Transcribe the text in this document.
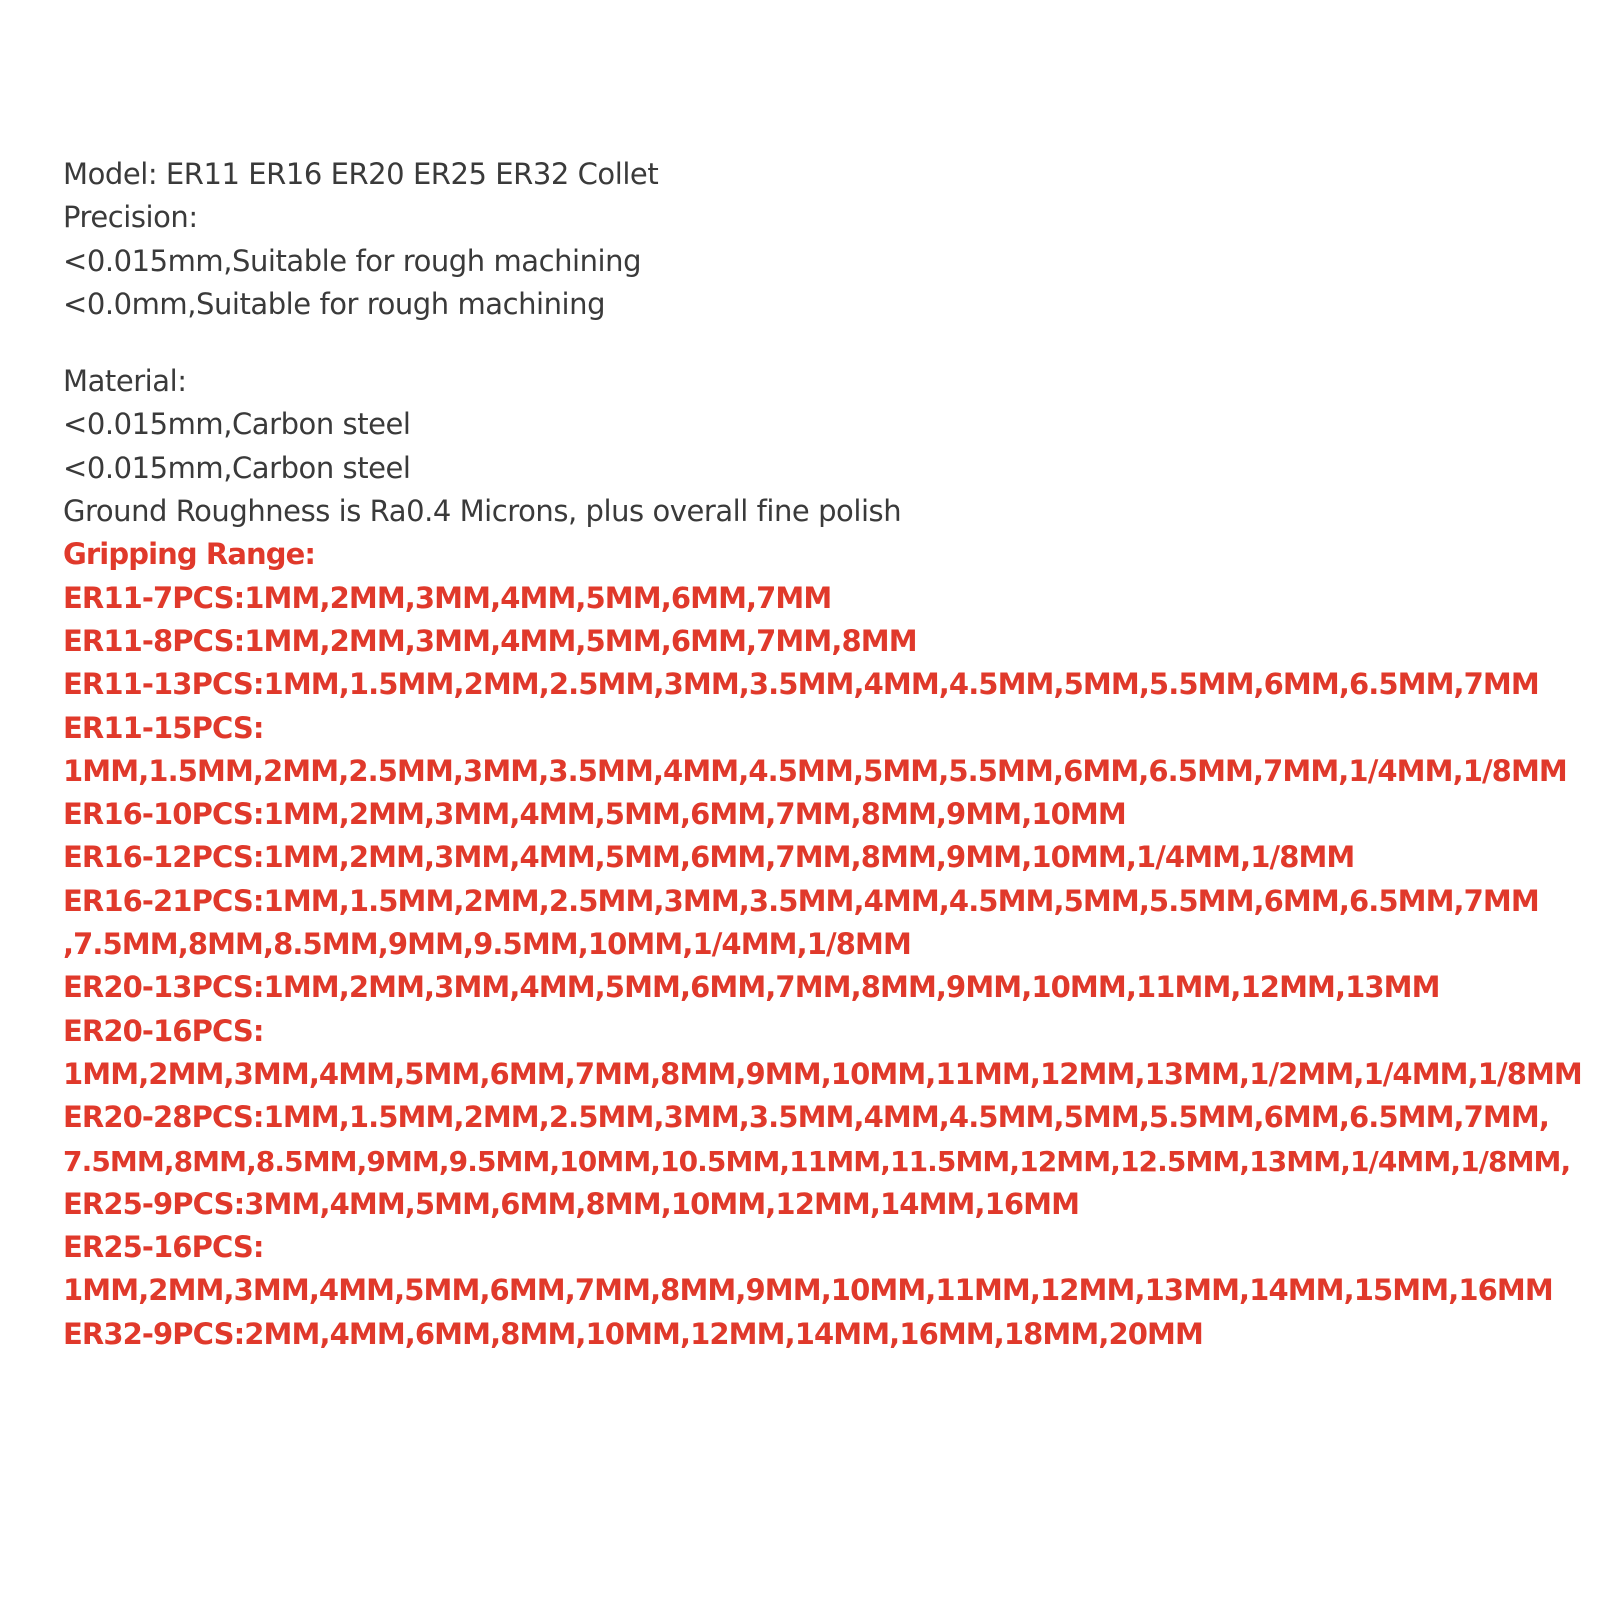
Model: ER11 ER16 ER20 ER25 ER32 Collet
Precision:
<0.015mm,Suitable for rough machining
<0.0mm,Suitable for rough machining
Material:
<0.015mm,Carbon steel
<0.015mm,Carbon steel
Ground Roughness is Ra0.4 Microns, plus overall fine polish
Gripping Range:
ER11-7PCS:1MM,2MM,3MM,4MM,5MM,6MM,7MM
ER11-8PCS:1MM,2MM,3MM,4MM,5MM,6MM,7MM,8MM
ER11-13PCS:1MM,1.5MM,2MM,2.5MM,3MM,3.5MM,4MM,4.5MM,5MM,5.5MM,6MM,6.5MM,7MM
ER11-15PCS:
1MM,1.5MM,2MM,2.5MM,3MM,3.5MM,4MM,4.5MM,5MM,5.5MM,6MM,6.5MM,7MM,1/4MM,1/8MM
ER16-10PCS:1MM,2MM,3MM,4MM,5MM,6MM,7MM,8MM,9MM,10MM
ER16-12PCS:1MM,2MM,3MM,4MM,5MM,6MM,7MM,8MM,9MM,10MM,1/4MM,1/8MM
ER16-21PCS:1MM,1.5MM,2MM,2.5MM,3MM,3.5MM,4MM,4.5MM,5MM,5.5MM,6MM,6.5MM,7MM
,7.5MM,8MM,8.5MM,9MM,9.5MM,10MM,1/4MM,1/8MM
ER20-13PCS:1MM,2MM,3MM,4MM,5MM,6MM,7MM,8MM,9MM,10MM,11MM,12MM,13MM
ER20-16PCS:
1MM,2MM,3MM,4MM,5MM,6MM,7MM,8MM,9MM,10MM,11MM,12MM,13MM,1/2MM,1/4MM,1/8MM
ER20-28PCS:1MM,1.5MM,2MM,2.5MM,3MM,3.5MM,4MM,4.5MM,5MM,5.5MM,6MM,6.5MM,7MM,
7.5MM,8MM,8.5MM,9MM,9.5MM,10MM,10.5MM,11MM,11.5MM,12MM,12.5MM,13MM,1/4MM,1/8MM,
ER25-9PCS:3MM,4MM,5MM,6MM,8MM,10MM,12MM,14MM,16MM
ER25-16PCS:
1MM,2MM,3MM,4MM,5MM,6MM,7MM,8MM,9MM,10MM,11MM,12MM,13MM,14MM,15MM,16MM
ER32-9PCS:2MM,4MM,6MM,8MM,10MM,12MM,14MM,16MM,18MM,20MM
